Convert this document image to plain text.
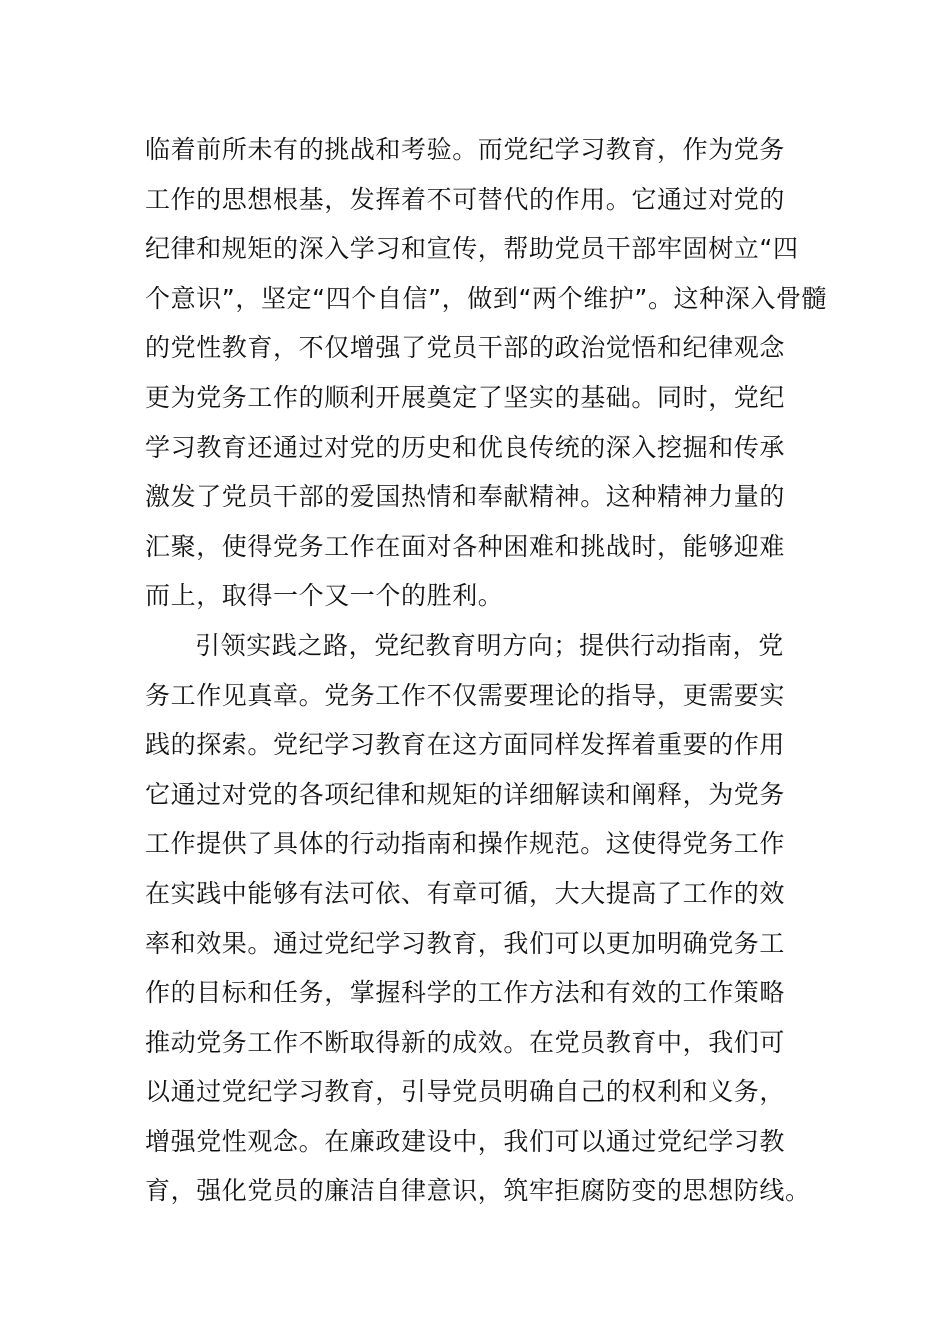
临着前所未有的挑战和考验。而党纪学习教育，作为党务
工作的思想根基，发挥着不可替代的作用。它通过对党的
纪律和规矩的深入学习和宣传，帮助党员干部牢固树立“四
个意识”，坚定“四个自信”，做到“两个维护”。这种深入骨髓
的党性教育，不仅增强了党员干部的政治觉悟和纪律观念
更为党务工作的顺利开展奠定了坚实的基础。同时，党纪
学习教育还通过对党的历史和优良传统的深入挖掘和传承
激发了党员干部的爱国热情和奉献精神。这种精神力量的
汇聚，使得党务工作在面对各种困难和挑战时，能够迎难
而上，取得一个又一个的胜利。
引领实践之路，党纪教育明方向；提供行动指南，党
务工作见真章。党务工作不仅需要理论的指导，更需要实
践的探索。党纪学习教育在这方面同样发挥着重要的作用
它通过对党的各项纪律和规矩的详细解读和阐释，为党务
工作提供了具体的行动指南和操作规范。这使得党务工作
在实践中能够有法可依、有章可循，大大提高了工作的效
率和效果。通过党纪学习教育，我们可以更加明确党务工
作的目标和任务，掌握科学的工作方法和有效的工作策略
推动党务工作不断取得新的成效。在党员教育中，我们可
以通过党纪学习教育，引导党员明确自己的权利和义务，
增强党性观念。在廉政建设中，我们可以通过党纪学习教
育，强化党员的廉洁自律意识，筑牢拒腐防变的思想防线。
